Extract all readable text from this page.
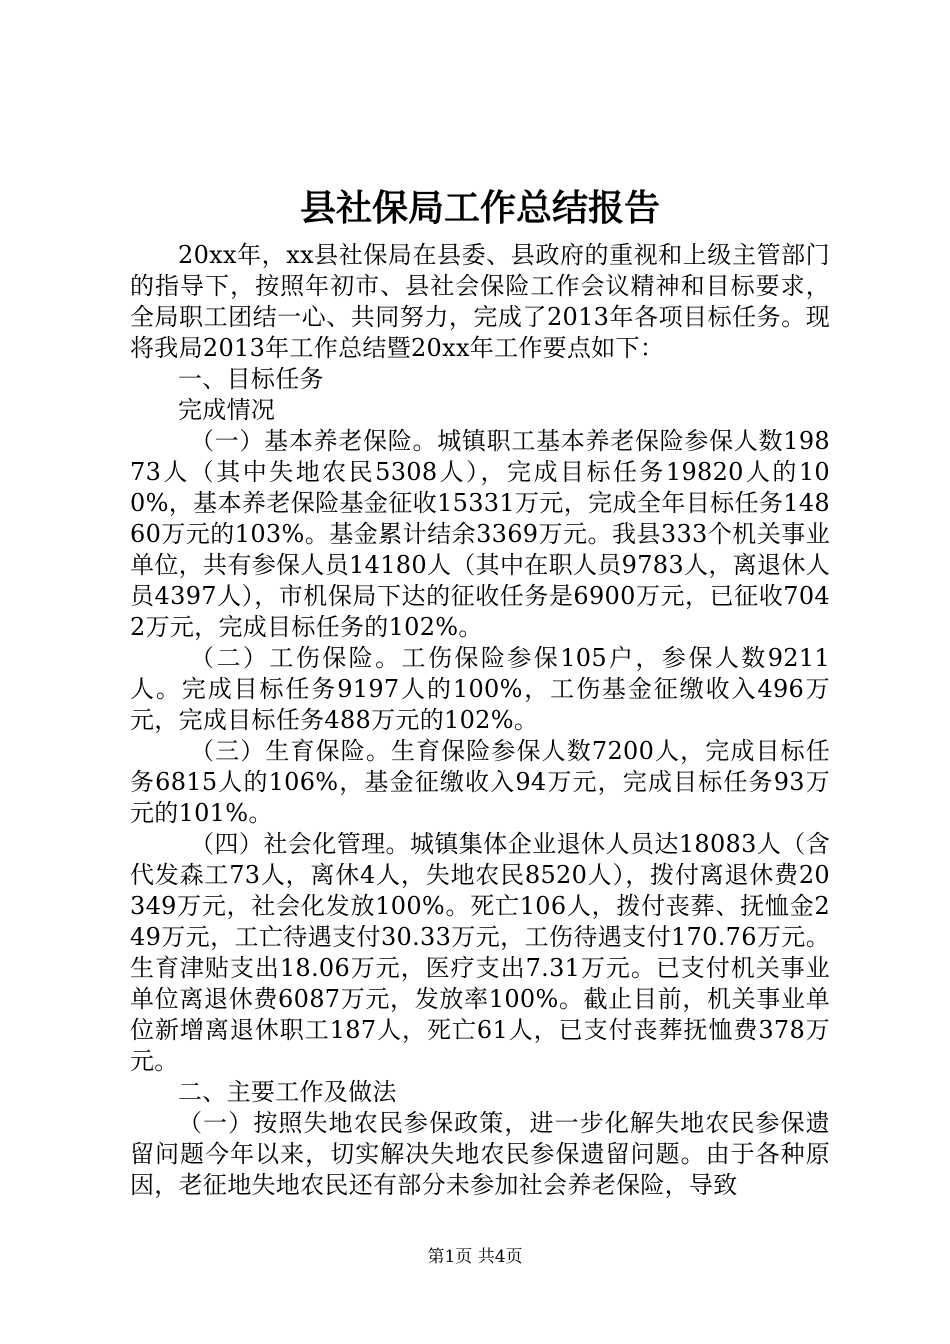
县社保局工作总结报告

20xx年，xx县社保局在县委、县政府的重视和上级主管部门的指导下，按照年初市、县社会保险工作会议精神和目标要求，全局职工团结一心、共同努力，完成了2013年各项目标任务。现将我局2013年工作总结暨20xx年工作要点如下：

一、目标任务

完成情况

（一）基本养老保险。城镇职工基本养老保险参保人数19873人（其中失地农民5308人），完成目标任务19820人的100%，基本养老保险基金征收15331万元，完成全年目标任务14860万元的103%。基金累计结余3369万元。我县333个机关事业单位，共有参保人员14180人（其中在职人员9783人，离退休人员4397人），市机保局下达的征收任务是6900万元，已征收7042万元，完成目标任务的102%。

（二）工伤保险。工伤保险参保105户，参保人数9211人。完成目标任务9197人的100%，工伤基金征缴收入496万元，完成目标任务488万元的102%。

（三）生育保险。生育保险参保人数7200人，完成目标任务6815人的106%，基金征缴收入94万元，完成目标任务93万元的101%。

（四）社会化管理。城镇集体企业退休人员达18083人（含代发森工73人，离休4人，失地农民8520人），拨付离退休费20349万元，社会化发放100%。死亡106人，拨付丧葬、抚恤金249万元，工亡待遇支付30.33万元，工伤待遇支付170.76万元。生育津贴支出18.06万元，医疗支出7.31万元。已支付机关事业单位离退休费6087万元，发放率100%。截止目前，机关事业单位新增离退休职工187人，死亡61人，已支付丧葬抚恤费378万元。

二、主要工作及做法

（一）按照失地农民参保政策，进一步化解失地农民参保遗留问题今年以来，切实解决失地农民参保遗留问题。由于各种原因，老征地失地农民还有部分未参加社会养老保险，导致

第1页 共4页
